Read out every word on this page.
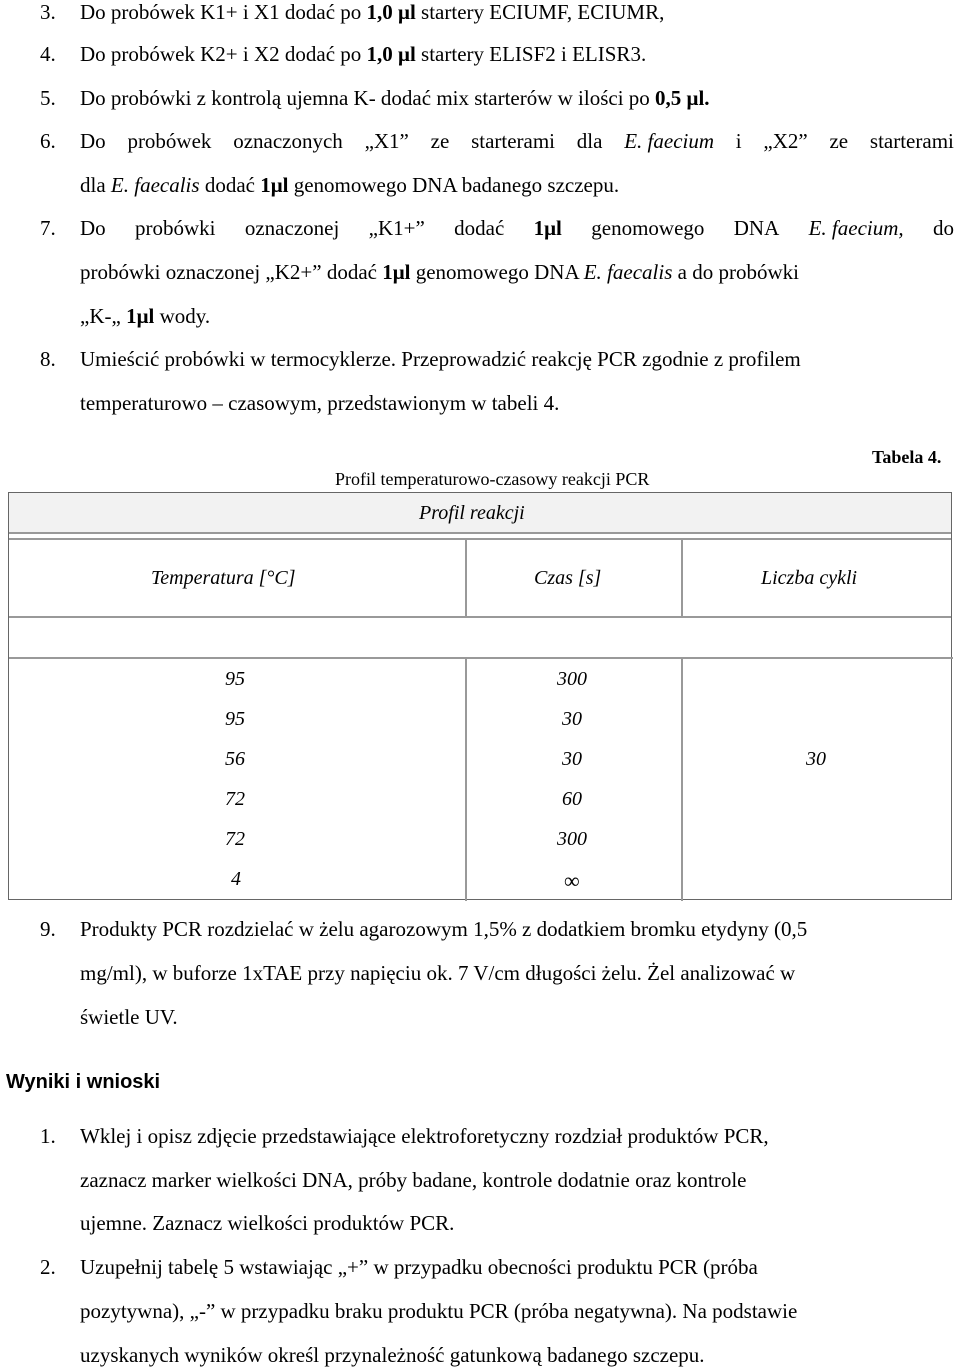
3. Do probówek K1+ i X1 dodać po 1,0 μl startery ECIUMF, ECIUMR,
4. Do probówek K2+ i X2 dodać po 1,0 μl startery ELISF2 i ELISR3.
5. Do probówki z kontrolą ujemna K- dodać mix starterów w ilości po 0,5 μl.
6. Do probówek oznaczonych „X1” ze starterami dla E. faecium i „X2” ze starterami
dla E. faecalis dodać 1μl genomowego DNA badanego szczepu.
7. Do probówki oznaczonej „K1+” dodać 1μl genomowego DNA E. faecium, do
probówki oznaczonej „K2+” dodać 1μl genomowego DNA E. faecalis a do probówki
„K-„ 1μl wody.
8. Umieścić probówki w termocyklerze. Przeprowadzić reakcję PCR zgodnie z profilem
temperaturowo – czasowym, przedstawionym w tabeli 4.
Tabela 4.
Profil temperaturowo-czasowy reakcji PCR
Profil reakcji
Temperatura [°C]	Czas [s]	Liczba cykli
95	300
95	30
56	30
72	60
72	300
4	∞
30
9. Produkty PCR rozdzielać w żelu agarozowym 1,5% z dodatkiem bromku etydyny (0,5
mg/ml), w buforze 1xTAE przy napięciu ok. 7 V/cm długości żelu. Żel analizować w
świetle UV.
Wyniki i wnioski
1. Wklej i opisz zdjęcie przedstawiające elektroforetyczny rozdział produktów PCR,
zaznacz marker wielkości DNA, próby badane, kontrole dodatnie oraz kontrole
ujemne. Zaznacz wielkości produktów PCR.
2. Uzupełnij tabelę 5 wstawiając „+” w przypadku obecności produktu PCR (próba
pozytywna), „-” w przypadku braku produktu PCR (próba negatywna). Na podstawie
uzyskanych wyników określ przynależność gatunkową badanego szczepu.
